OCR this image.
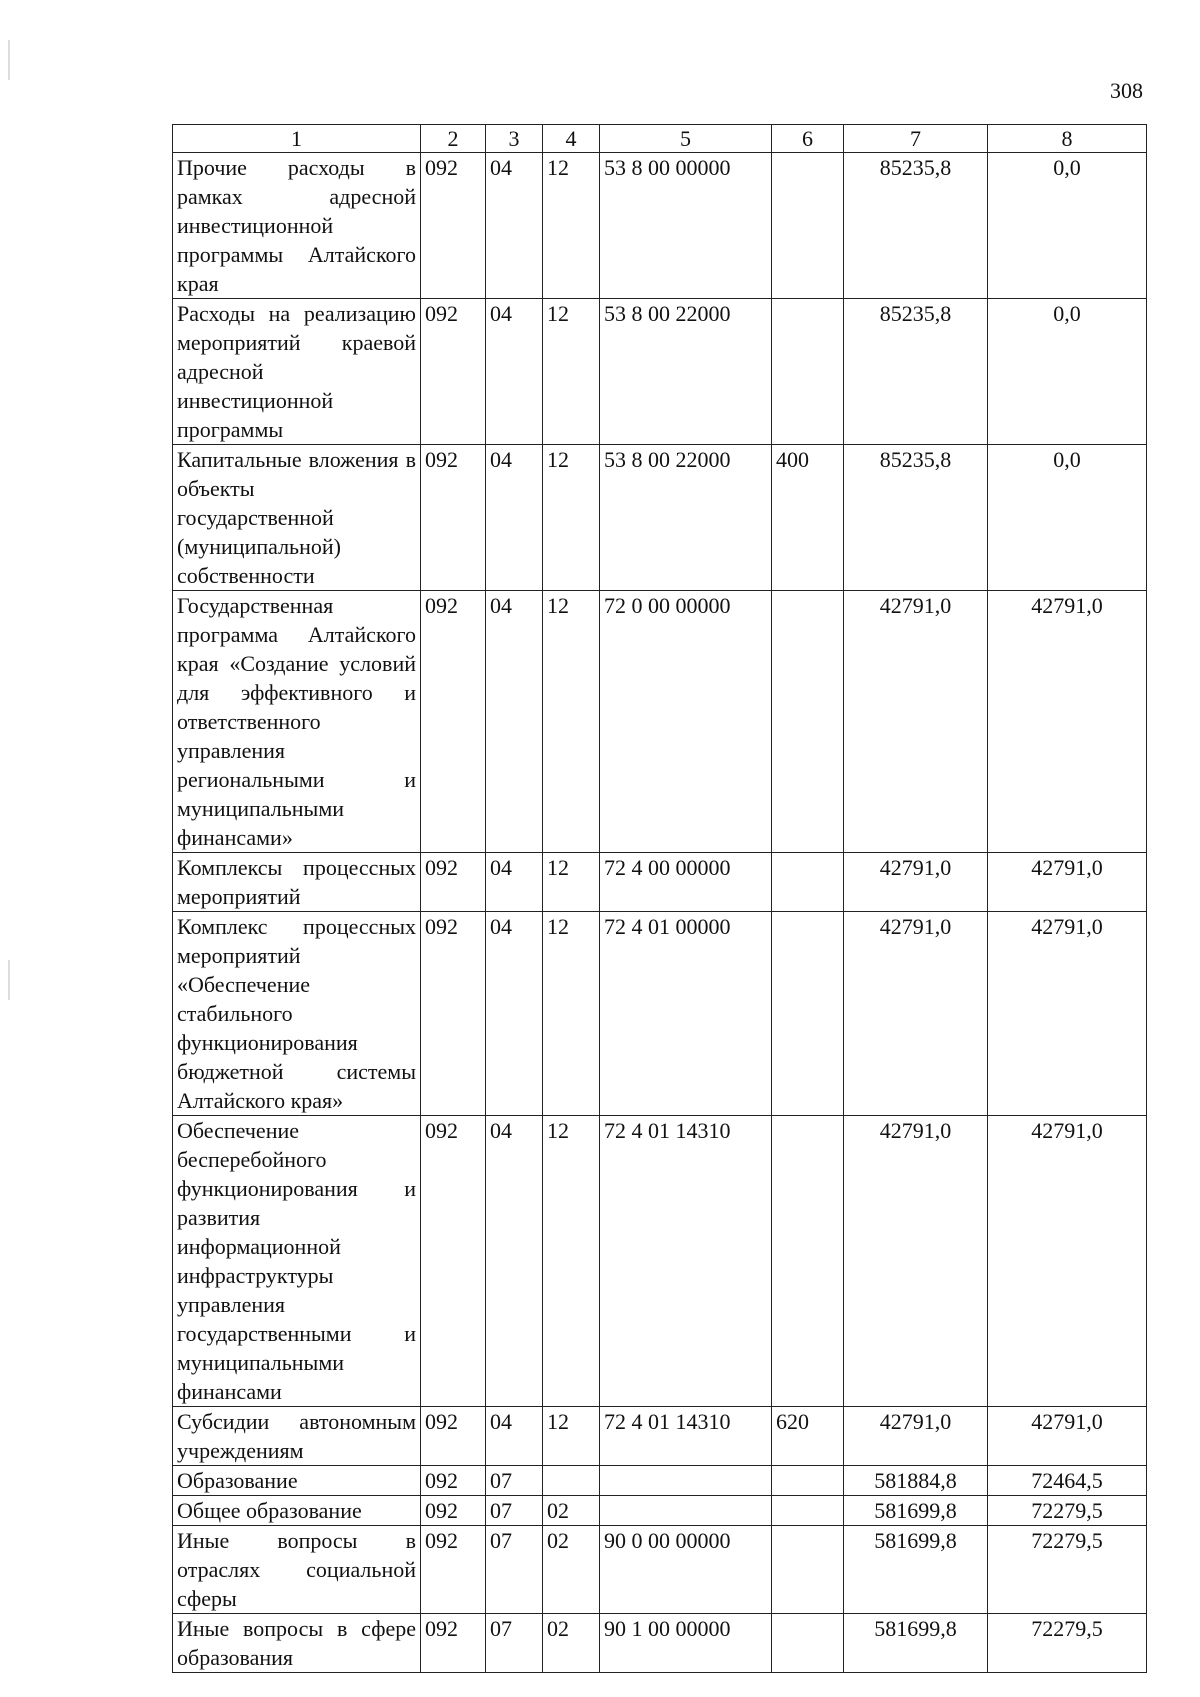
308
1	2	3	4	5	6	7	8
Прочие расходы в рамках адресной инвестиционной программы Алтайского края	092	04	12	53 8 00 00000		85235,8	0,0
Расходы на реализацию мероприятий краевой адресной инвестиционной программы	092	04	12	53 8 00 22000		85235,8	0,0
Капитальные вложения в объекты государственной (муниципальной) собственности	092	04	12	53 8 00 22000	400	85235,8	0,0
Государственная программа Алтайского края «Создание условий для эффективного и ответственного управления региональными и муниципальными финансами»	092	04	12	72 0 00 00000		42791,0	42791,0
Комплексы процессных мероприятий	092	04	12	72 4 00 00000		42791,0	42791,0
Комплекс процессных мероприятий «Обеспечение стабильного функционирования бюджетной системы Алтайского края»	092	04	12	72 4 01 00000		42791,0	42791,0
Обеспечение бесперебойного функционирования и развития информационной инфраструктуры управления государственными и муниципальными финансами	092	04	12	72 4 01 14310		42791,0	42791,0
Субсидии автономным учреждениям	092	04	12	72 4 01 14310	620	42791,0	42791,0
Образование	092	07				581884,8	72464,5
Общее образование	092	07	02			581699,8	72279,5
Иные вопросы в отраслях социальной сферы	092	07	02	90 0 00 00000		581699,8	72279,5
Иные вопросы в сфере образования	092	07	02	90 1 00 00000		581699,8	72279,5
